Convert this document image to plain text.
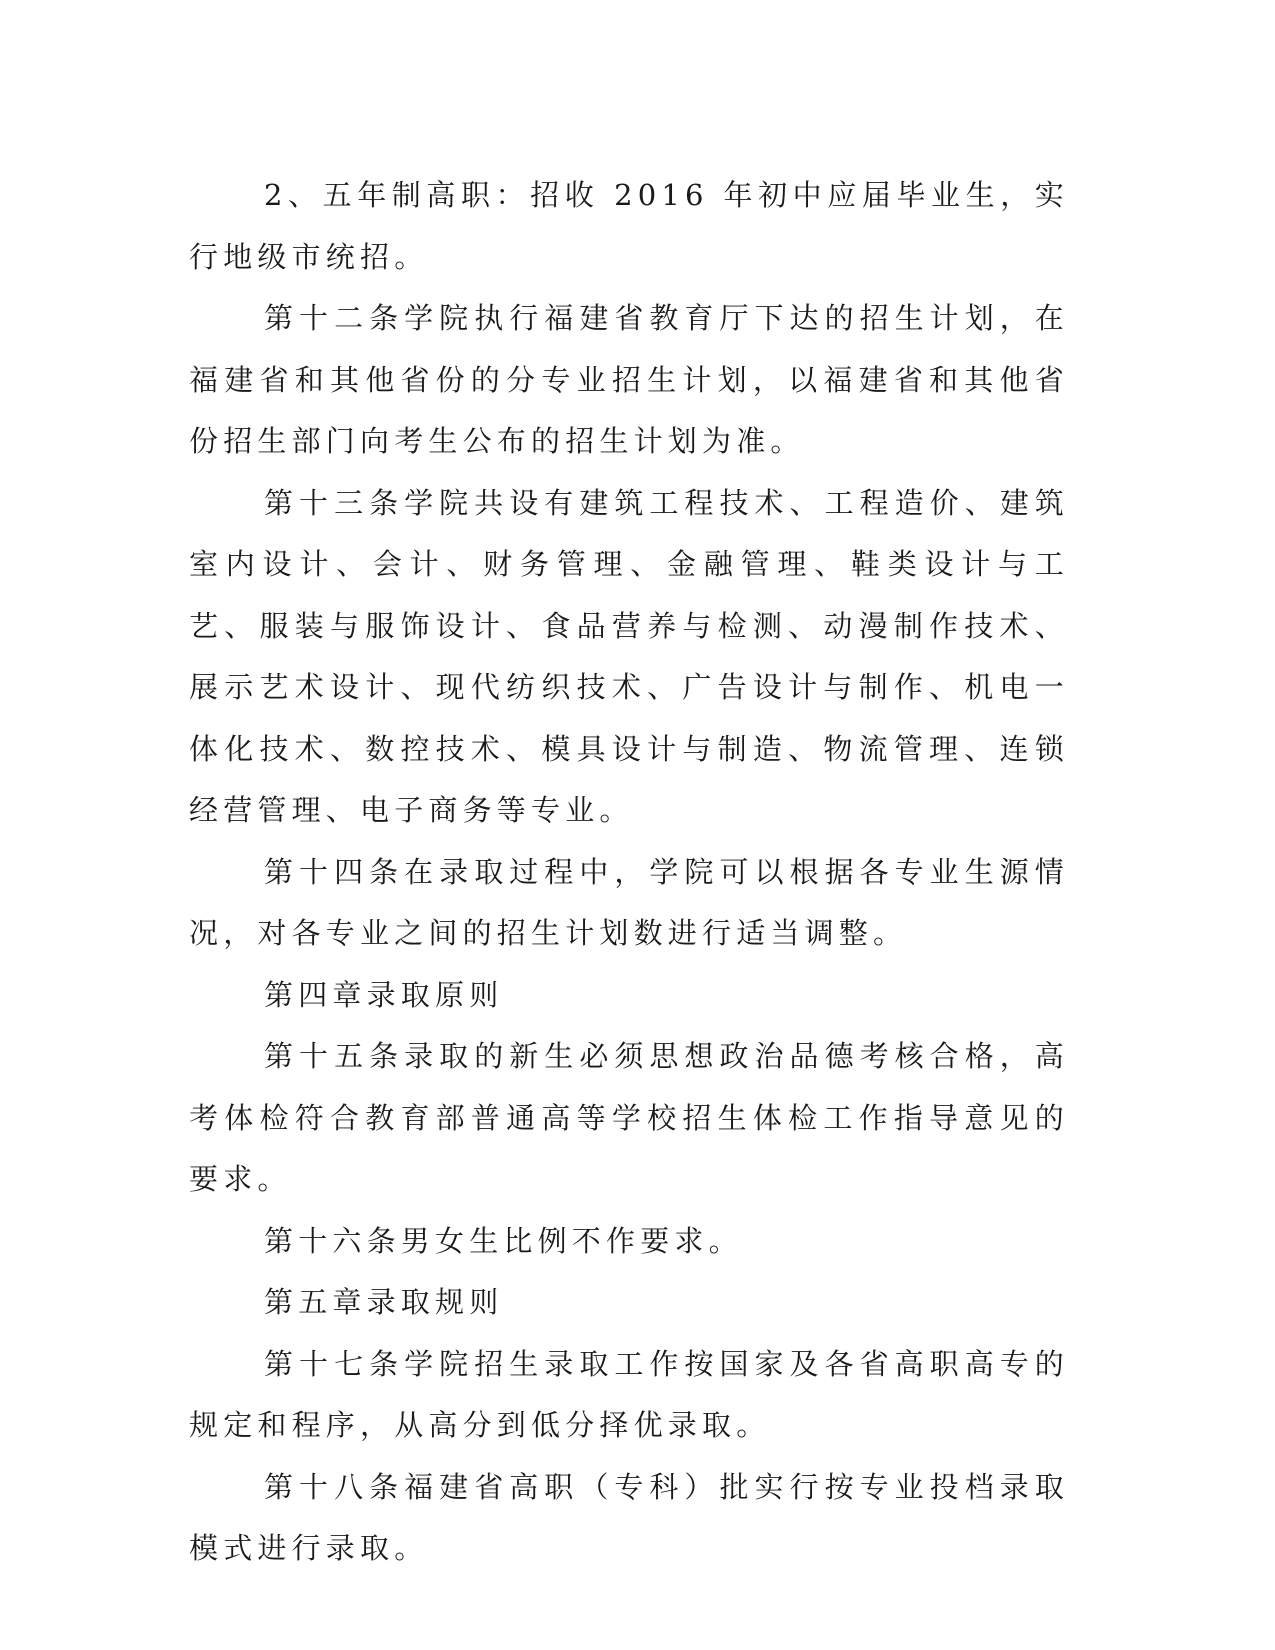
2、五年制高职：招收 2016 年初中应届毕业生，实行地级市统招。

第十二条学院执行福建省教育厅下达的招生计划，在福建省和其他省份的分专业招生计划，以福建省和其他省份招生部门向考生公布的招生计划为准。

第十三条学院共设有建筑工程技术、工程造价、建筑室内设计、会计、财务管理、金融管理、鞋类设计与工艺、服装与服饰设计、食品营养与检测、动漫制作技术、展示艺术设计、现代纺织技术、广告设计与制作、机电一体化技术、数控技术、模具设计与制造、物流管理、连锁经营管理、电子商务等专业。

第十四条在录取过程中，学院可以根据各专业生源情况，对各专业之间的招生计划数进行适当调整。

第四章录取原则

第十五条录取的新生必须思想政治品德考核合格，高考体检符合教育部普通高等学校招生体检工作指导意见的要求。

第十六条男女生比例不作要求。

第五章录取规则

第十七条学院招生录取工作按国家及各省高职高专的规定和程序，从高分到低分择优录取。

第十八条福建省高职（专科）批实行按专业投档录取模式进行录取。
